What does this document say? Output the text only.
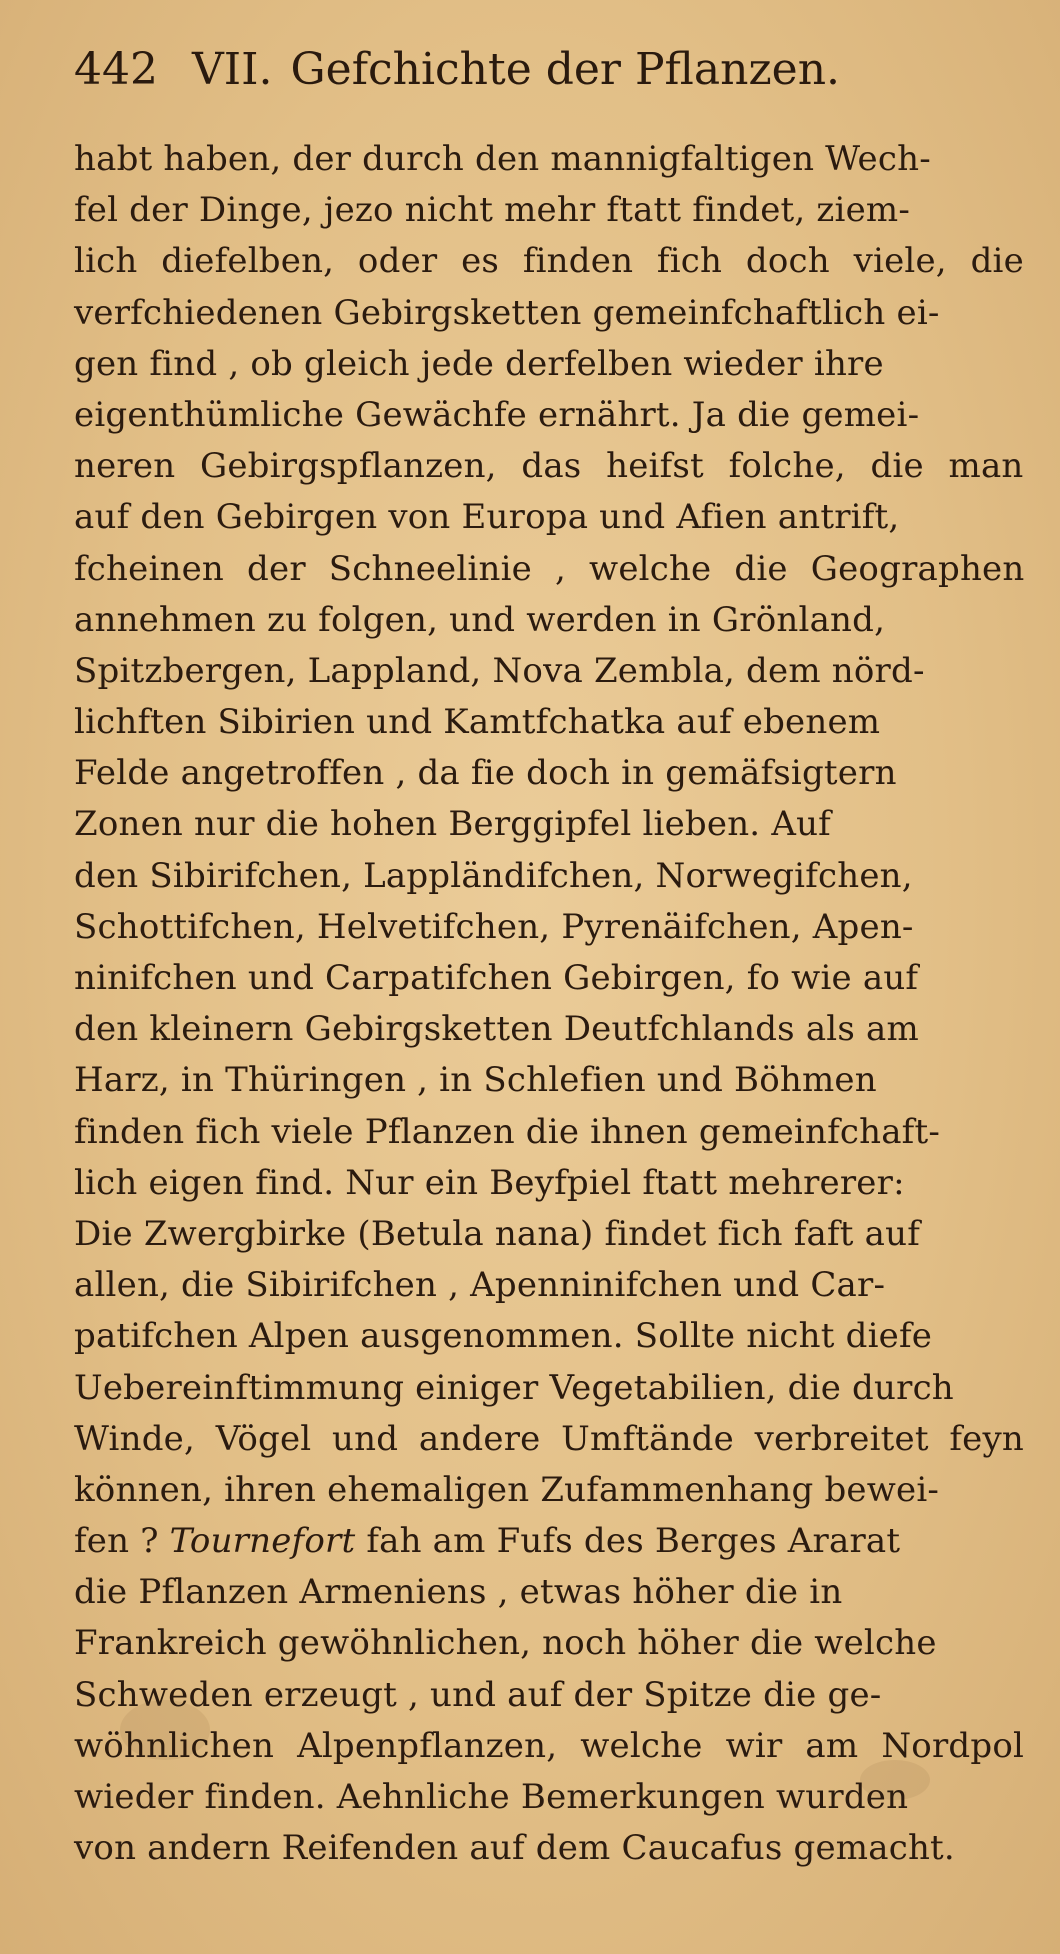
442 VII. Gefchichte der Pflanzen.
habt haben, der durch den mannigfaltigen Wech-
fel der Dinge, jezo nicht mehr ftatt findet, ziem-
lich diefelben, oder es finden fich doch viele, die
verfchiedenen Gebirgsketten gemeinfchaftlich ei-
gen find , ob gleich jede derfelben wieder ihre
eigenthümliche Gewächfe ernährt. Ja die gemei-
neren Gebirgspflanzen, das heifst folche, die man
auf den Gebirgen von Europa und Afien antrift,
fcheinen der Schneelinie , welche die Geographen
annehmen zu folgen, und werden in Grönland,
Spitzbergen, Lappland, Nova Zembla, dem nörd-
lichften Sibirien und Kamtfchatka auf ebenem
Felde angetroffen , da fie doch in gemäfsigtern
Zonen nur die hohen Berggipfel lieben. Auf
den Sibirifchen, Lappländifchen, Norwegifchen,
Schottifchen, Helvetifchen, Pyrenäifchen, Apen-
ninifchen und Carpatifchen Gebirgen, fo wie auf
den kleinern Gebirgsketten Deutfchlands als am
Harz, in Thüringen , in Schlefien und Böhmen
finden fich viele Pflanzen die ihnen gemeinfchaft-
lich eigen find. Nur ein Beyfpiel ftatt mehrerer:
Die Zwergbirke (Betula nana) findet fich faft auf
allen, die Sibirifchen , Apenninifchen und Car-
patifchen Alpen ausgenommen. Sollte nicht diefe
Uebereinftimmung einiger Vegetabilien, die durch
Winde, Vögel und andere Umftände verbreitet feyn
können, ihren ehemaligen Zufammenhang bewei-
fen ? Tournefort fah am Fufs des Berges Ararat
die Pflanzen Armeniens , etwas höher die in
Frankreich gewöhnlichen, noch höher die welche
Schweden erzeugt , und auf der Spitze die ge-
wöhnlichen Alpenpflanzen, welche wir am Nordpol
wieder finden. Aehnliche Bemerkungen wurden
von andern Reifenden auf dem Caucafus gemacht.
